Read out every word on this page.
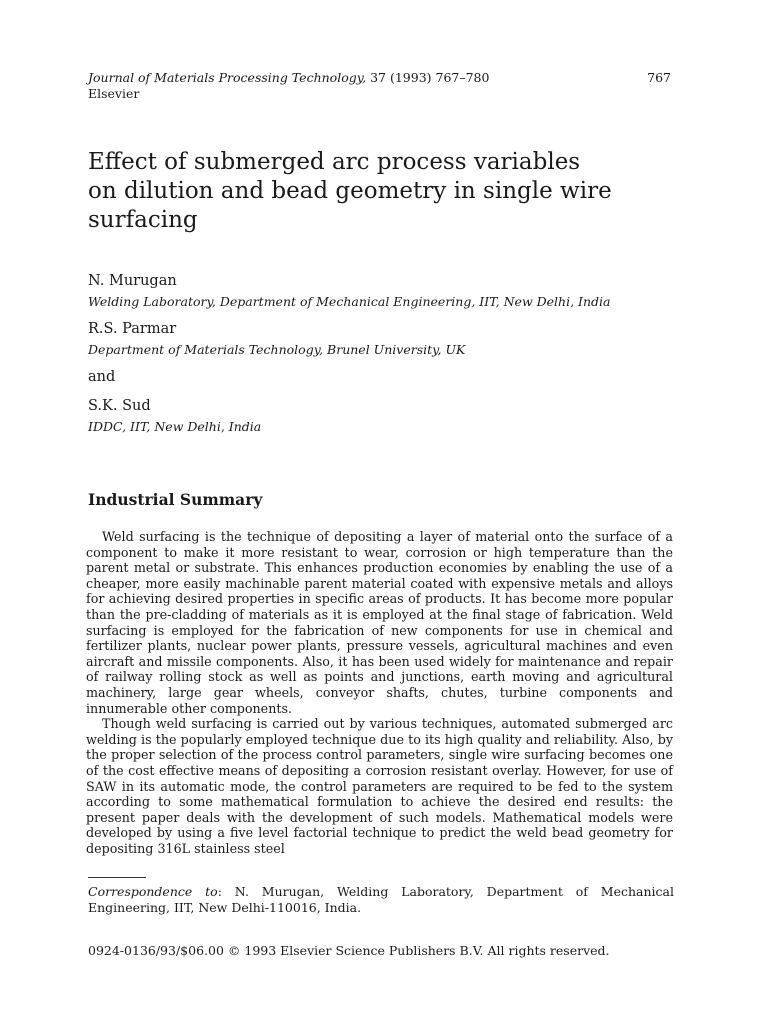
Journal of Materials Processing Technology, 37 (1993) 767–780
Elsevier
767
Effect of submerged arc process variables
on dilution and bead geometry in single wire
surfacing

N. Murugan

Welding Laboratory, Department of Mechanical Engineering, IIT, New Delhi, India

R.S. Parmar

Department of Materials Technology, Brunel University, UK

and

S.K. Sud

IDDC, IIT, New Delhi, India

Industrial Summary

Weld surfacing is the technique of depositing a layer of material onto the surface of a component to make it more resistant to wear, corrosion or high temperature than the parent metal or substrate. This enhances production economies by enabling the use of a cheaper, more easily machinable parent material coated with expensive metals and alloys for achieving desired properties in specific areas of products. It has become more popular than the pre-cladding of materials as it is employed at the final stage of fabrication. Weld surfacing is employed for the fabrication of new components for use in chemical and fertilizer plants, nuclear power plants, pressure vessels, agricultural machines and even aircraft and missile components. Also, it has been used widely for maintenance and repair of railway rolling stock as well as points and junctions, earth moving and agricultural machinery, large gear wheels, conveyor shafts, chutes, turbine components and innumerable other components.

Though weld surfacing is carried out by various techniques, automated submerged arc welding is the popularly employed technique due to its high quality and reliability. Also, by the proper selection of the process control parameters, single wire surfacing becomes one of the cost effective means of depositing a corrosion resistant overlay. However, for use of SAW in its automatic mode, the control parameters are required to be fed to the system according to some mathematical formulation to achieve the desired end results: the present paper deals with the development of such models. Mathematical models were developed by using a five level factorial technique to predict the weld bead geometry for depositing 316L stainless steel

Correspondence to: N. Murugan, Welding Laboratory, Department of Mechanical Engineering, IIT, New Delhi-110016, India.
0924-0136/93/$06.00 © 1993 Elsevier Science Publishers B.V. All rights reserved.
